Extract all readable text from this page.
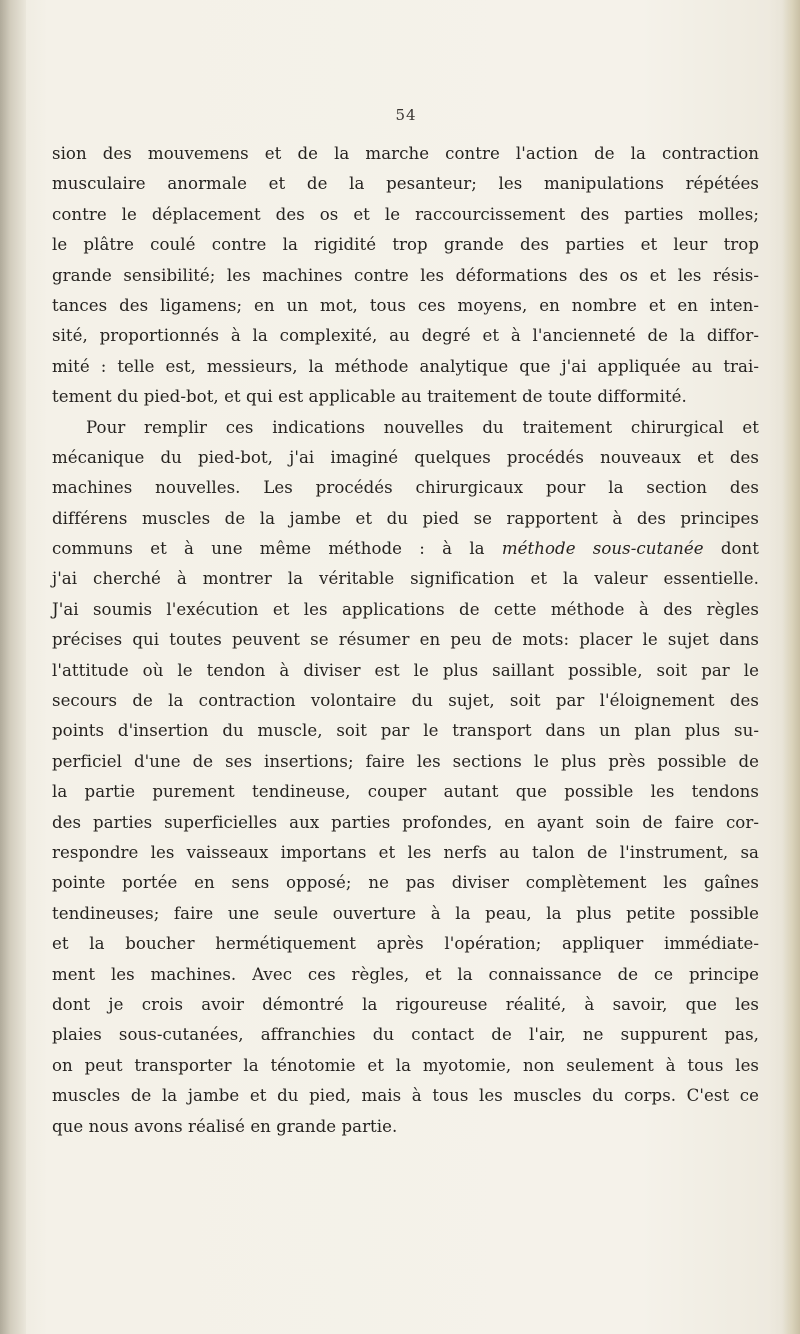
54
sion des mouvemens et de la marche contre l'action de la contraction
musculaire anormale et de la pesanteur; les manipulations répétées
contre le déplacement des os et le raccourcissement des parties molles;
le plâtre coulé contre la rigidité trop grande des parties et leur trop
grande sensibilité; les machines contre les déformations des os et les résis-
tances des ligamens; en un mot, tous ces moyens, en nombre et en inten-
sité, proportionnés à la complexité, au degré et à l'ancienneté de la diffor-
mité : telle est, messieurs, la méthode analytique que j'ai appliquée au trai-
tement du pied-bot, et qui est applicable au traitement de toute difformité.
Pour remplir ces indications nouvelles du traitement chirurgical et
mécanique du pied-bot, j'ai imaginé quelques procédés nouveaux et des
machines nouvelles. Les procédés chirurgicaux pour la section des
différens muscles de la jambe et du pied se rapportent à des principes
communs et à une même méthode : à la méthode sous-cutanée dont
j'ai cherché à montrer la véritable signification et la valeur essentielle.
J'ai soumis l'exécution et les applications de cette méthode à des règles
précises qui toutes peuvent se résumer en peu de mots: placer le sujet dans
l'attitude où le tendon à diviser est le plus saillant possible, soit par le
secours de la contraction volontaire du sujet, soit par l'éloignement des
points d'insertion du muscle, soit par le transport dans un plan plus su-
perficiel d'une de ses insertions; faire les sections le plus près possible de
la partie purement tendineuse, couper autant que possible les tendons
des parties superficielles aux parties profondes, en ayant soin de faire cor-
respondre les vaisseaux importans et les nerfs au talon de l'instrument, sa
pointe portée en sens opposé; ne pas diviser complètement les gaînes
tendineuses; faire une seule ouverture à la peau, la plus petite possible
et la boucher hermétiquement après l'opération; appliquer immédiate-
ment les machines. Avec ces règles, et la connaissance de ce principe
dont je crois avoir démontré la rigoureuse réalité, à savoir, que les
plaies sous-cutanées, affranchies du contact de l'air, ne suppurent pas,
on peut transporter la ténotomie et la myotomie, non seulement à tous les
muscles de la jambe et du pied, mais à tous les muscles du corps. C'est ce
que nous avons réalisé en grande partie.
